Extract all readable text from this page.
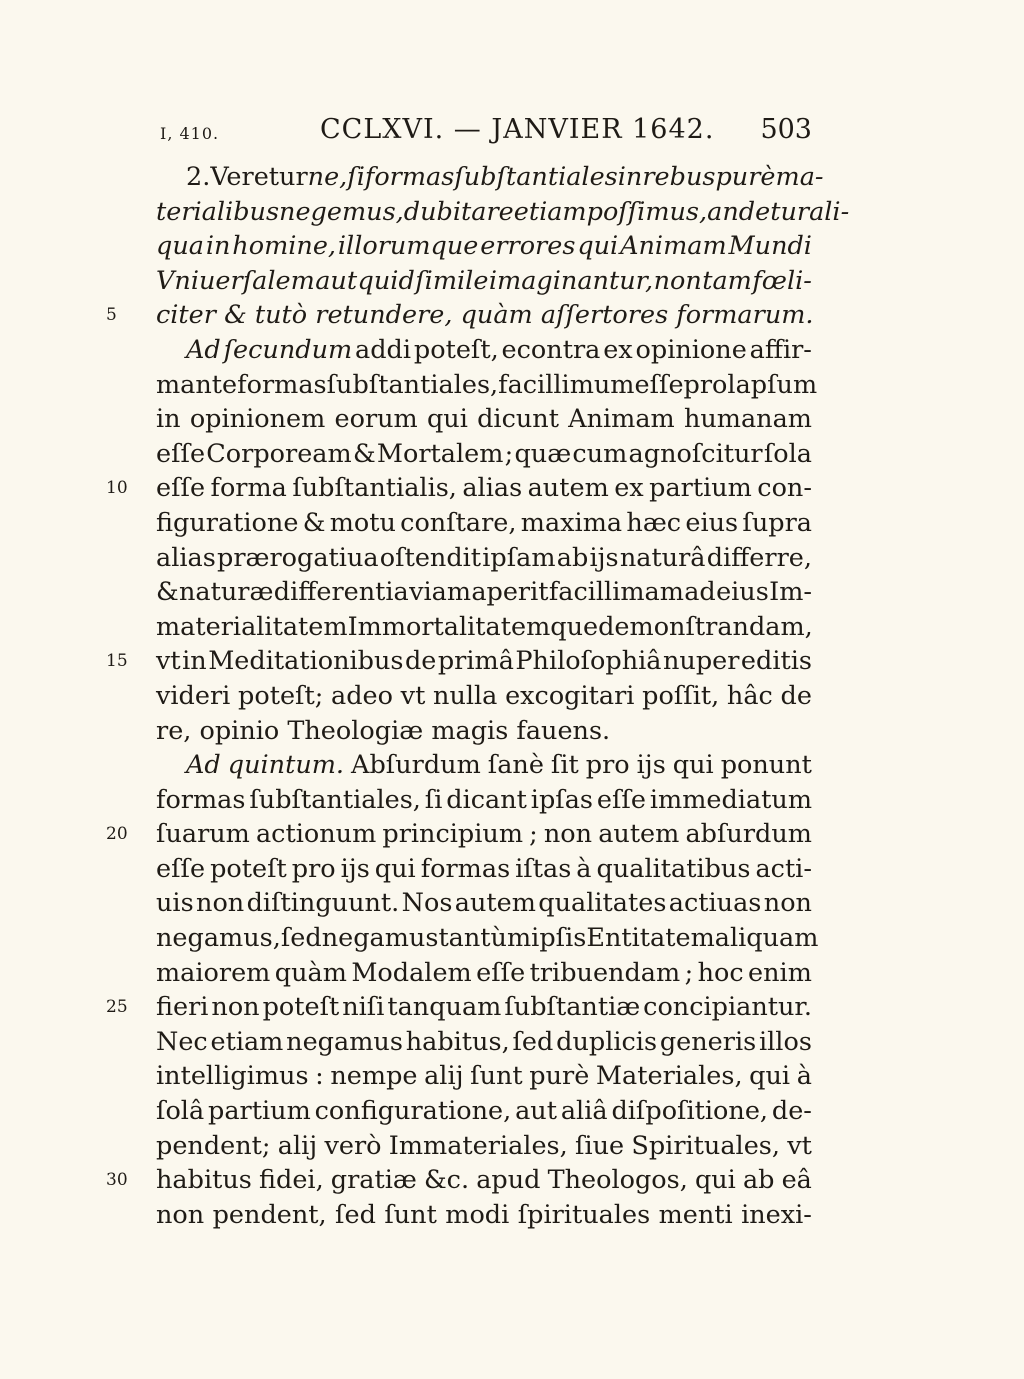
I, 410.	CCLXVI. — JANVIER 1642. 503
2. Veretur ne, ſi formas ſubſtantiales in rebus purè ma-
terialibus negemus, dubitare etiam poſſimus, an detur ali-
qua in homine, illorumque errores qui Animam Mundi
Vniuerſalem aut quid ſimile imaginantur, non tam fœli-
5	citer
&
tutò
retundere,
quàm
aſſertores
formarum.
Ad ſecundum addi poteſt, econtra ex opinione affir-
mante formas ſubſtantiales, facillimum eſſe prolapſum
in opinionem eorum qui dicunt Animam humanam
eſſe Corpoream & Mortalem ; quæ cum agnoſcitur ſola
10	eſſe forma ſubſtantialis, alias autem ex partium con-
figuratione & motu conſtare, maxima hæc eius ſupra
alias prærogatiua oſtendit ipſam ab ijs naturâ differre,
& naturæ differentia viam aperit facillimam ad eius Im-
materialitatem Immortalitatemque demonſtrandam,
15	vt in Meditationibus de primâ Philoſophiâ nuper editis
videri poteſt; adeo vt nulla excogitari poſſit, hâc de
re,
opinio
Theologiæ
magis
fauens.
Ad quintum. Abſurdum ſanè ſit pro ijs qui ponunt
formas ſubſtantiales, ſi dicant ipſas eſſe immediatum
20	ſuarum actionum principium ; non autem abſurdum
eſſe poteſt pro ijs qui formas iſtas à qualitatibus acti-
uis non diſtinguunt. Nos autem qualitates actiuas non
negamus, ſed negamus tantùm ipſis Entitatem aliquam
maiorem quàm Modalem eſſe tribuendam ; hoc enim
25	fieri non poteſt niſi tanquam ſubſtantiæ concipiantur.
Nec etiam negamus habitus, ſed duplicis generis illos
intelligimus : nempe alij ſunt purè Materiales, qui à
ſolâ partium configuratione, aut aliâ diſpoſitione, de-
pendent; alij verò Immateriales, ſiue Spirituales, vt
30	habitus fidei, gratiæ &c. apud Theologos, qui ab eâ
non pendent, ſed ſunt modi ſpirituales menti inexi-
